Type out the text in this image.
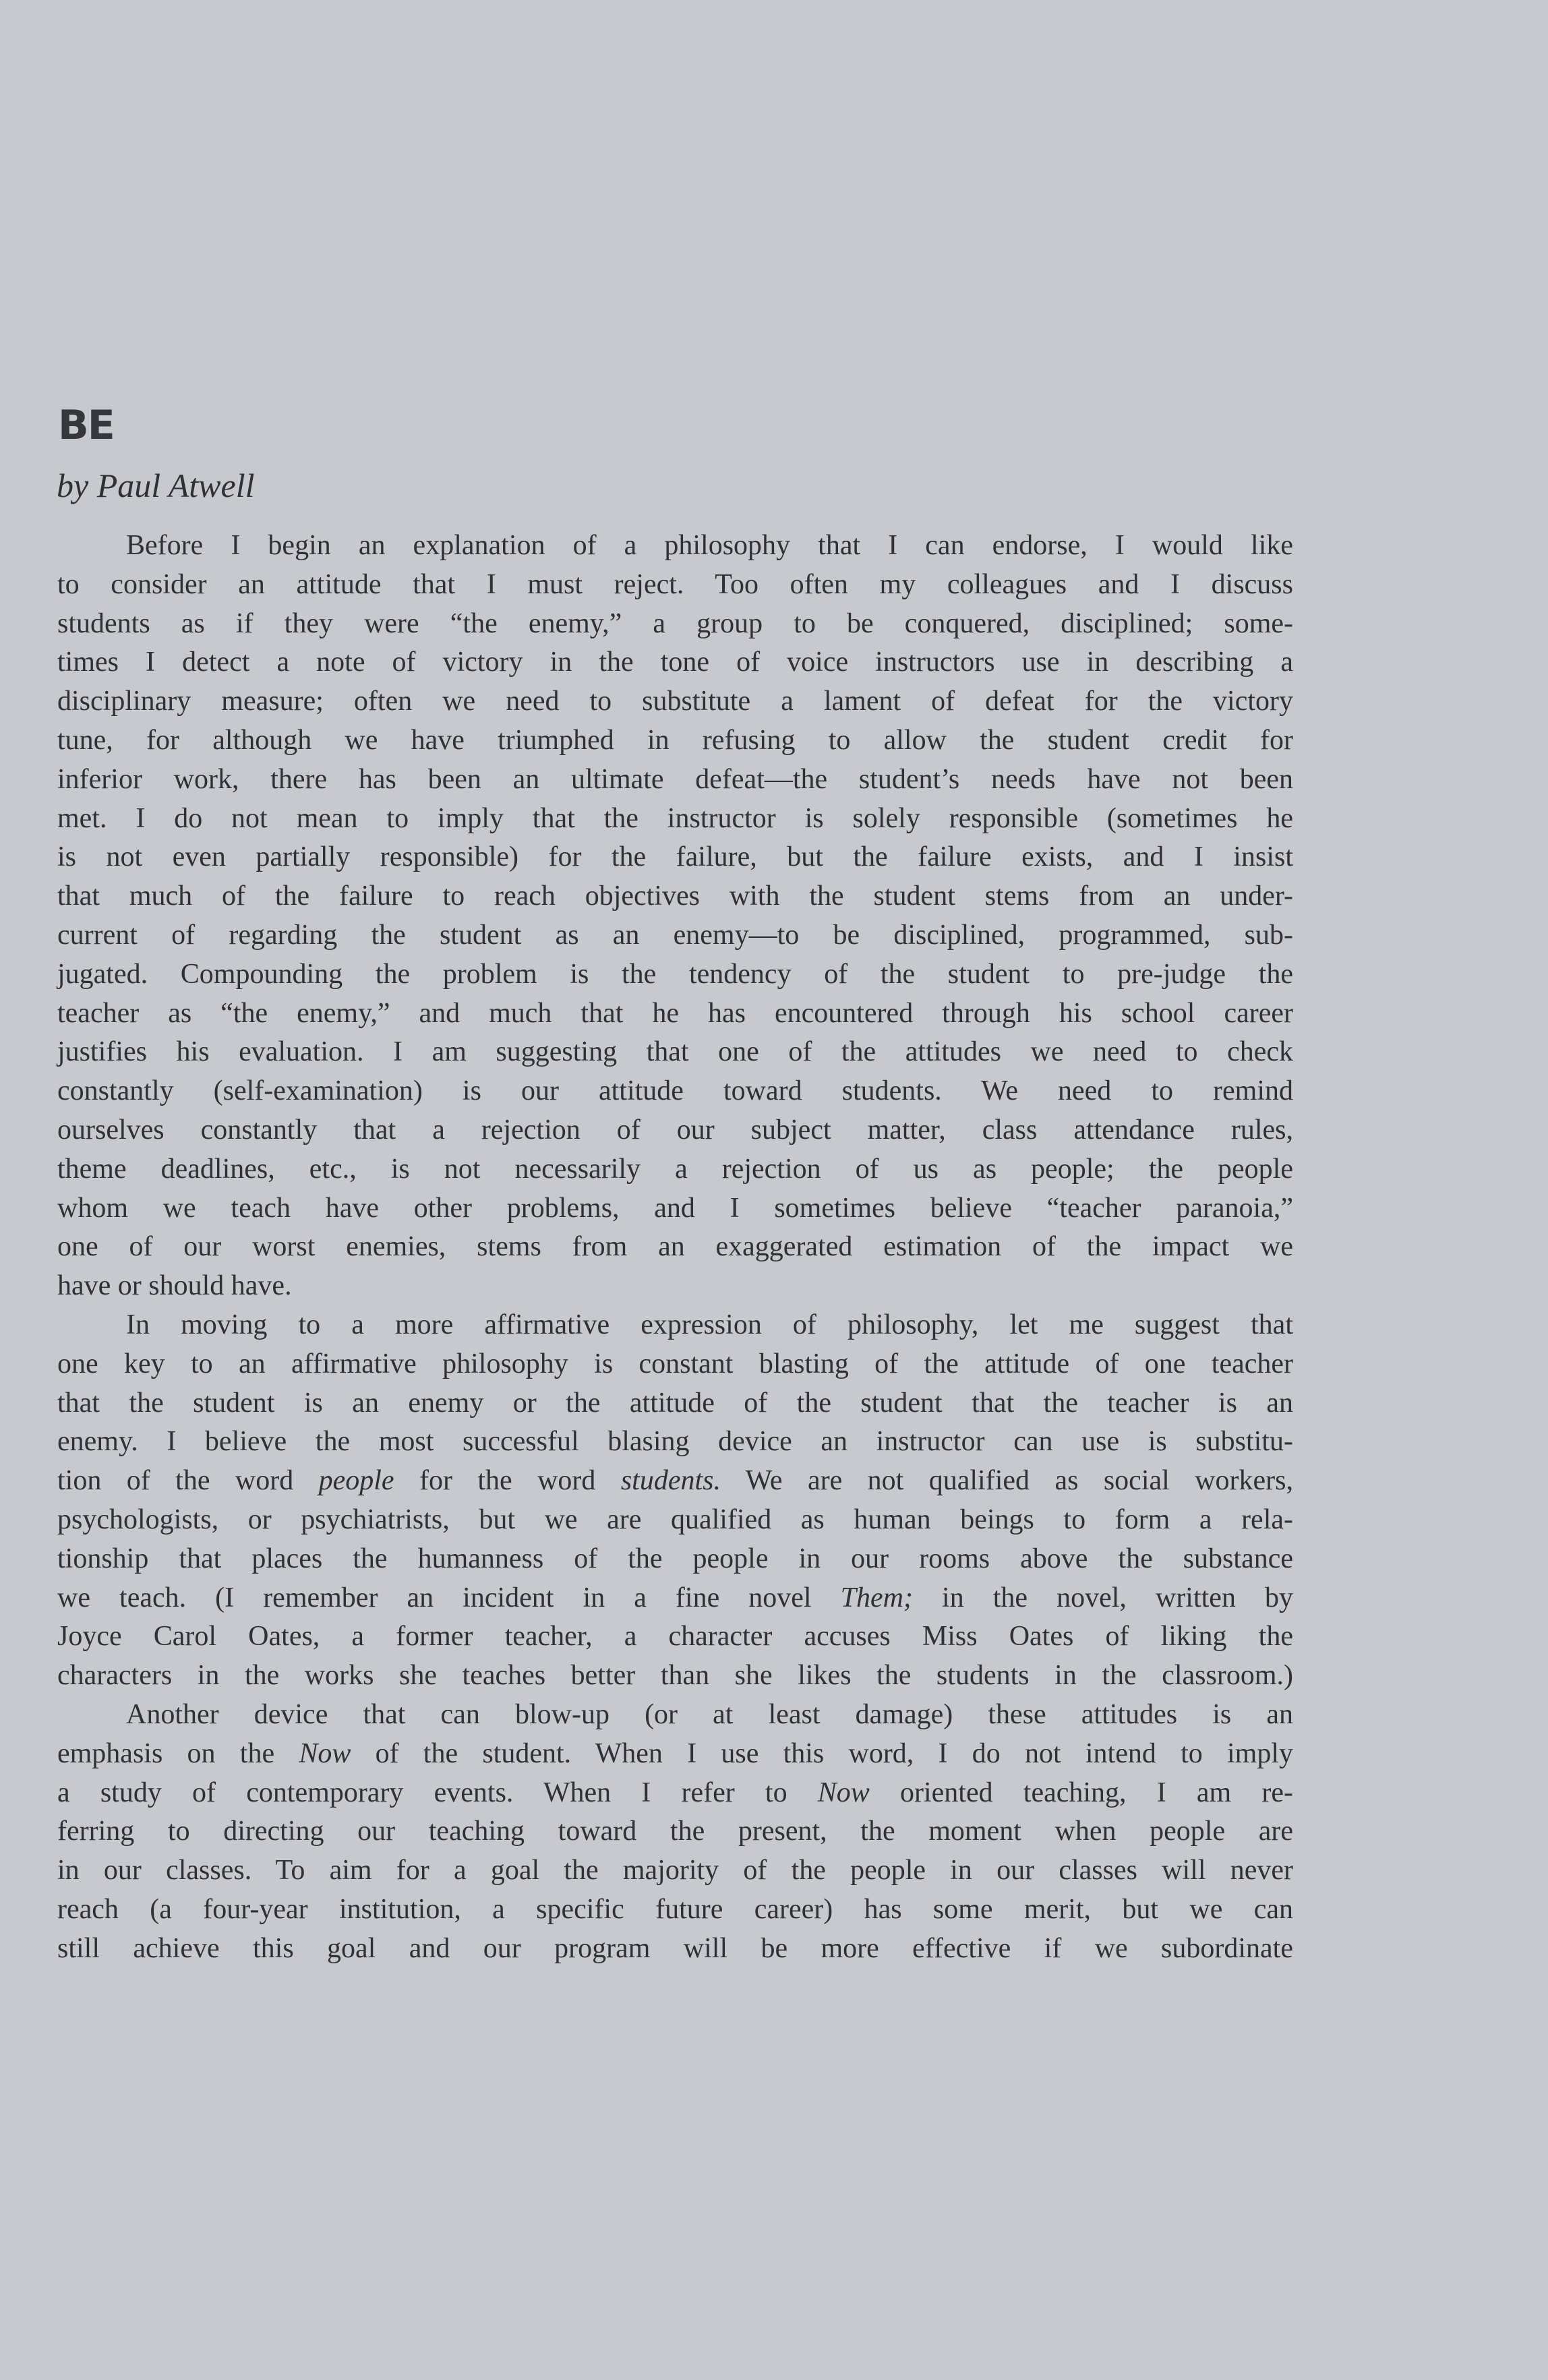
BE
by Paul Atwell
Before I begin an explanation of a philosophy that I can endorse, I would like
to consider an attitude that I must reject. Too often my colleagues and I discuss
students as if they were “the enemy,” a group to be conquered, disciplined; some-
times I detect a note of victory in the tone of voice instructors use in describing a
disciplinary measure; often we need to substitute a lament of defeat for the victory
tune, for although we have triumphed in refusing to allow the student credit for
inferior work, there has been an ultimate defeat—the student’s needs have not been
met. I do not mean to imply that the instructor is solely responsible (sometimes he
is not even partially responsible) for the failure, but the failure exists, and I insist
that much of the failure to reach objectives with the student stems from an under-
current of regarding the student as an enemy—to be disciplined, programmed, sub-
jugated. Compounding the problem is the tendency of the student to pre-judge the
teacher as “the enemy,” and much that he has encountered through his school career
justifies his evaluation. I am suggesting that one of the attitudes we need to check
constantly (self-examination) is our attitude toward students. We need to remind
ourselves constantly that a rejection of our subject matter, class attendance rules,
theme deadlines, etc., is not necessarily a rejection of us as people; the people
whom we teach have other problems, and I sometimes believe “teacher paranoia,”
one of our worst enemies, stems from an exaggerated estimation of the impact we
have or should have.
In moving to a more affirmative expression of philosophy, let me suggest that
one key to an affirmative philosophy is constant blasting of the attitude of one teacher
that the student is an enemy or the attitude of the student that the teacher is an
enemy. I believe the most successful blasing device an instructor can use is substitu-
tion of the word people for the word students. We are not qualified as social workers,
psychologists, or psychiatrists, but we are qualified as human beings to form a rela-
tionship that places the humanness of the people in our rooms above the substance
we teach. (I remember an incident in a fine novel Them; in the novel, written by
Joyce Carol Oates, a former teacher, a character accuses Miss Oates of liking the
characters in the works she teaches better than she likes the students in the classroom.)
Another device that can blow-up (or at least damage) these attitudes is an
emphasis on the Now of the student. When I use this word, I do not intend to imply
a study of contemporary events. When I refer to Now oriented teaching, I am re-
ferring to directing our teaching toward the present, the moment when people are
in our classes. To aim for a goal the majority of the people in our classes will never
reach (a four-year institution, a specific future career) has some merit, but we can
still achieve this goal and our program will be more effective if we subordinate
